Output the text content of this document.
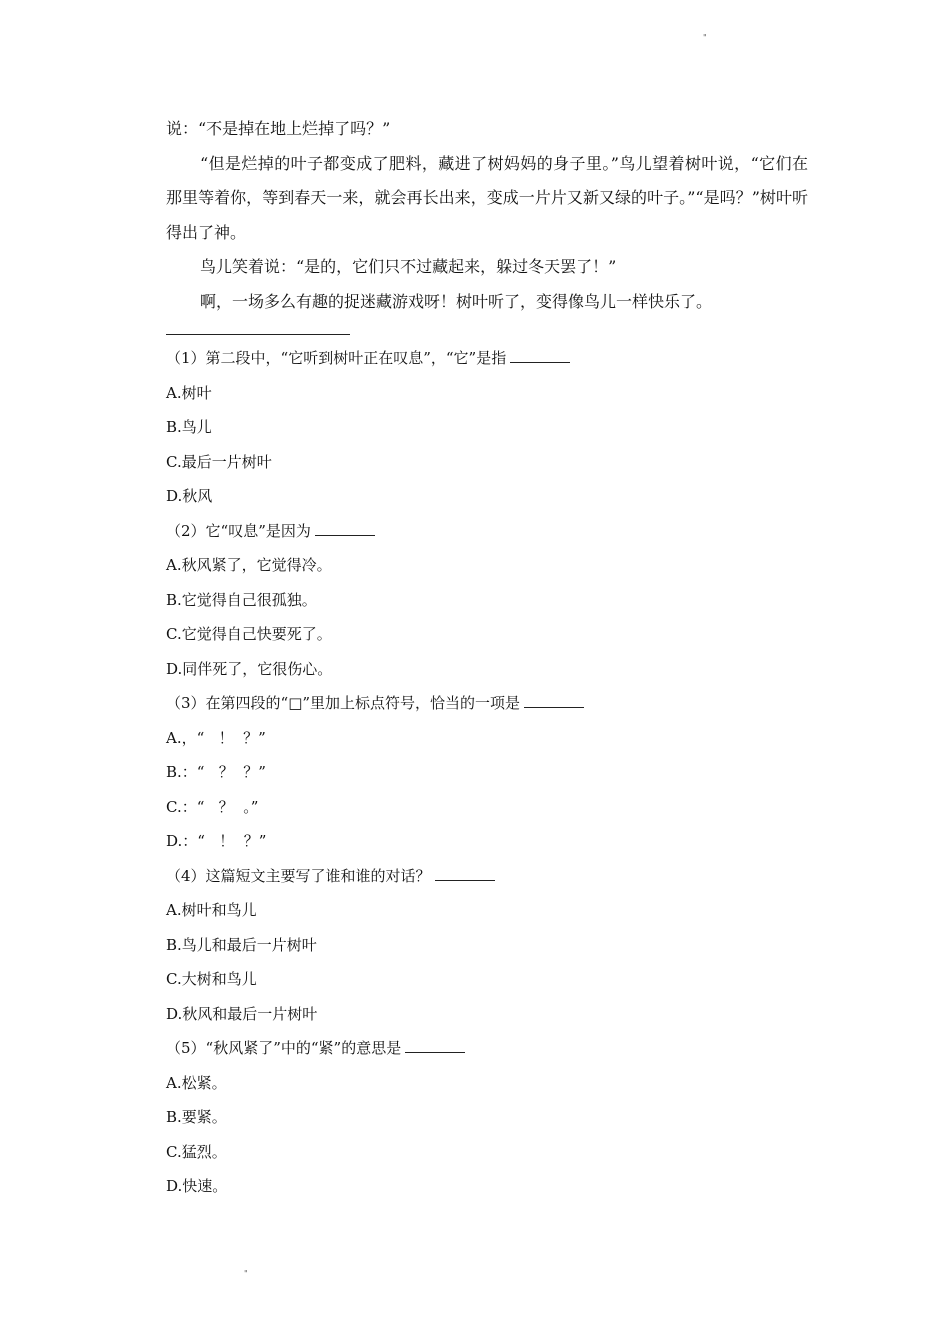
"

说：“不是掉在地上烂掉了吗？”

“但是烂掉的叶子都变成了肥料，藏进了树妈妈的身子里。”鸟儿望着树叶说，“它们在那里等着你，等到春天一来，就会再长出来，变成一片片又新又绿的叶子。”“是吗？”树叶听得出了神。

鸟儿笑着说：“是的，它们只不过藏起来，躲过冬天罢了！”

啊，一场多么有趣的捉迷藏游戏呀！树叶听了，变得像鸟儿一样快乐了。

（1）第二段中，“它听到树叶正在叹息”，“它”是指

A.树叶

B.鸟儿

C.最后一片树叶

D.秋风

（2）它“叹息”是因为

A.秋风紧了，它觉得冷。

B.它觉得自己很孤独。

C.它觉得自己快要死了。

D.同伴死了，它很伤心。

（3）在第四段的“□”里加上标点符号，恰当的一项是

A.，“   ！  ？”

B.：“   ？  ？”

C.：“   ？  。”

D.：“   ！  ？”

（4）这篇短文主要写了谁和谁的对话？

A.树叶和鸟儿

B.鸟儿和最后一片树叶

C.大树和鸟儿

D.秋风和最后一片树叶

（5）“秋风紧了”中的“紧”的意思是

A.松紧。

B.要紧。

C.猛烈。

D.快速。

"
